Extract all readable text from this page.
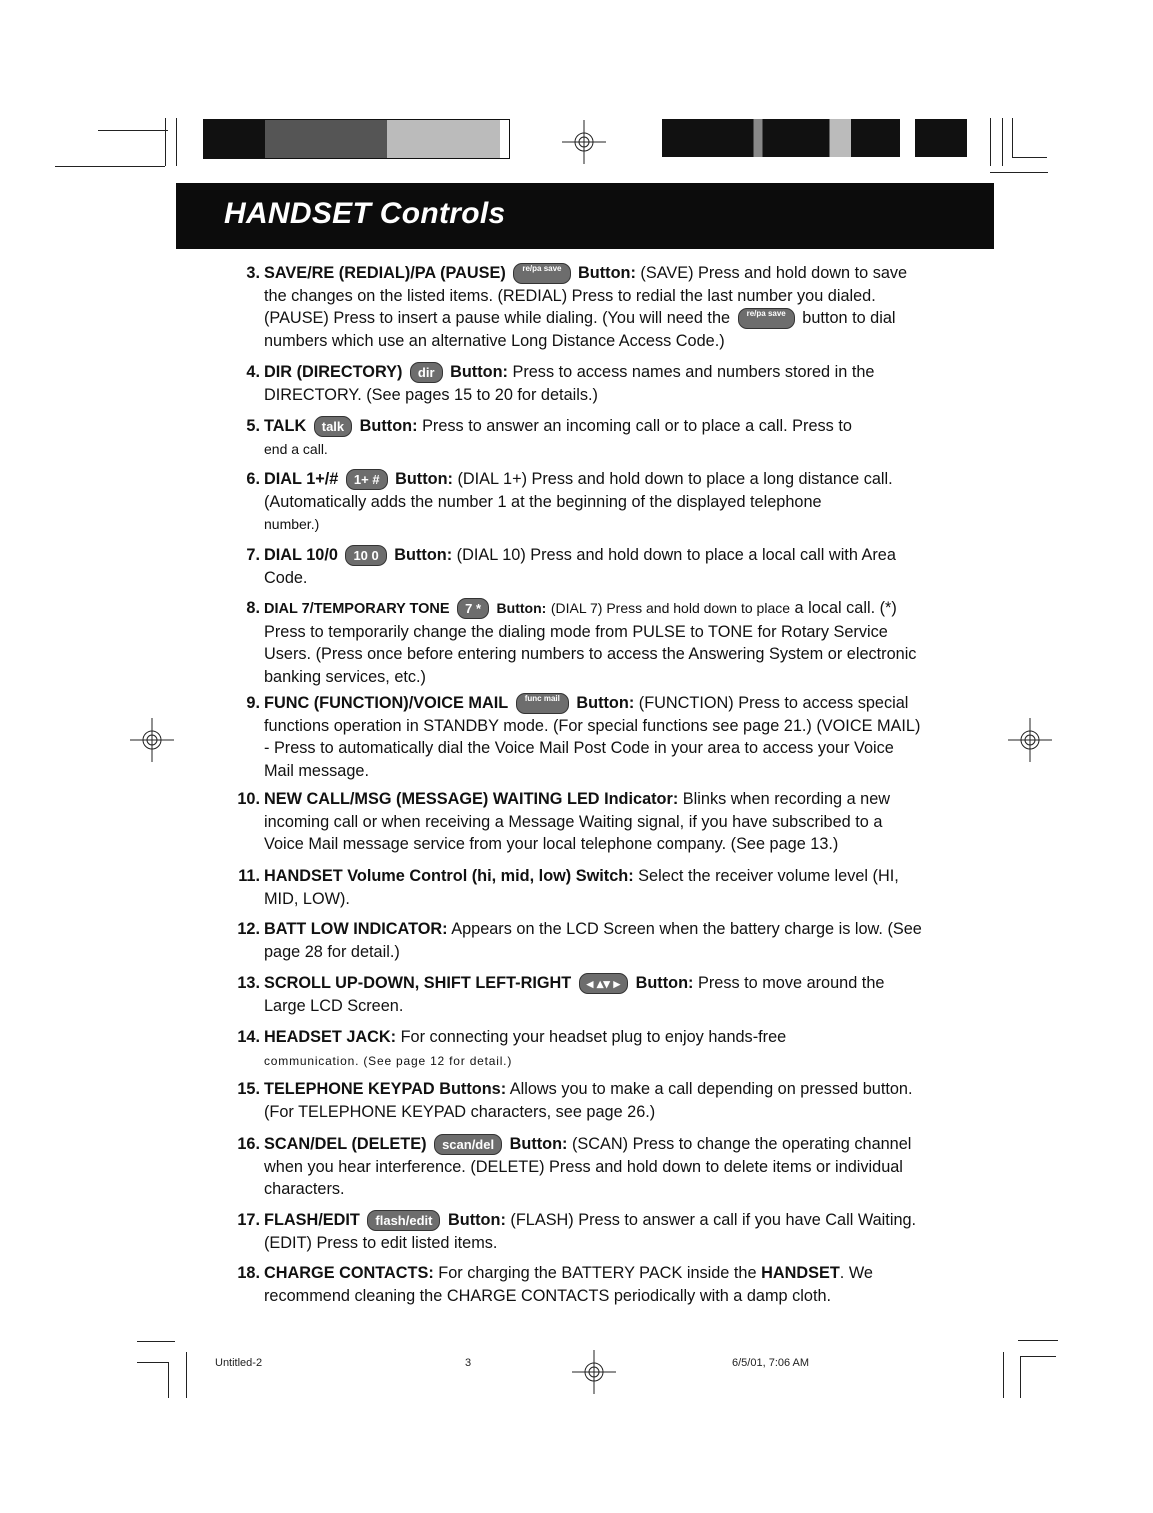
HANDSET Controls
3. SAVE/RE (REDIAL)/PA (PAUSE) re/pa save Button: (SAVE) Press and hold down to save the changes on the listed items. (REDIAL) Press to redial the last number you dialed. (PAUSE) Press to insert a pause while dialing. (You will need the re/pa save button to dial numbers which use an alternative Long Distance Access Code.)
4. DIR (DIRECTORY) dir Button: Press to access names and numbers stored in the DIRECTORY. (See pages 15 to 20 for details.)
5. TALK talk Button: Press to answer an incoming call or to place a call. Press to
end a call.
6. DIAL 1+/# 1+ # Button: (DIAL 1+) Press and hold down to place a long distance call. (Automatically adds the number 1 at the beginning of the displayed telephone
number.)
7. DIAL 10/0 10 0 Button: (DIAL 10) Press and hold down to place a local call with Area Code.
8. DIAL 7/TEMPORARY TONE 7 * Button: (DIAL 7) Press and hold down to place a local call. (*) Press to temporarily change the dialing mode from PULSE to TONE for Rotary Service Users. (Press once before entering numbers to access the Answering System or electronic banking services, etc.)
9. FUNC (FUNCTION)/VOICE MAIL func mail Button: (FUNCTION) Press to access special functions operation in STANDBY mode. (For special functions see page 21.) (VOICE MAIL) - Press to automatically dial the Voice Mail Post Code in your area to access your Voice Mail message.
10. NEW CALL/MSG (MESSAGE) WAITING LED Indicator: Blinks when recording a new incoming call or when receiving a Message Waiting signal, if you have subscribed to a Voice Mail message service from your local telephone company. (See page 13.)
11. HANDSET Volume Control (hi, mid, low) Switch: Select the receiver volume level (HI, MID, LOW).
12. BATT LOW INDICATOR: Appears on the LCD Screen when the battery charge is low. (See page 28 for detail.)
13. SCROLL UP-DOWN, SHIFT LEFT-RIGHT ◂ ▴▾ ▸ Button: Press to move around the Large LCD Screen.
14. HEADSET JACK: For connecting your headset plug to enjoy hands-free
communication. (See page 12 for detail.)
15. TELEPHONE KEYPAD Buttons: Allows you to make a call depending on pressed button. (For TELEPHONE KEYPAD characters, see page 26.)
16. SCAN/DEL (DELETE) scan/del Button: (SCAN) Press to change the operating channel when you hear interference. (DELETE) Press and hold down to delete items or individual characters.
17. FLASH/EDIT flash/edit Button: (FLASH) Press to answer a call if you have Call Waiting. (EDIT) Press to edit listed items.
18. CHARGE CONTACTS: For charging the BATTERY PACK inside the HANDSET. We recommend cleaning the CHARGE CONTACTS periodically with a damp cloth.
Untitled-2	3	6/5/01, 7:06 AM
